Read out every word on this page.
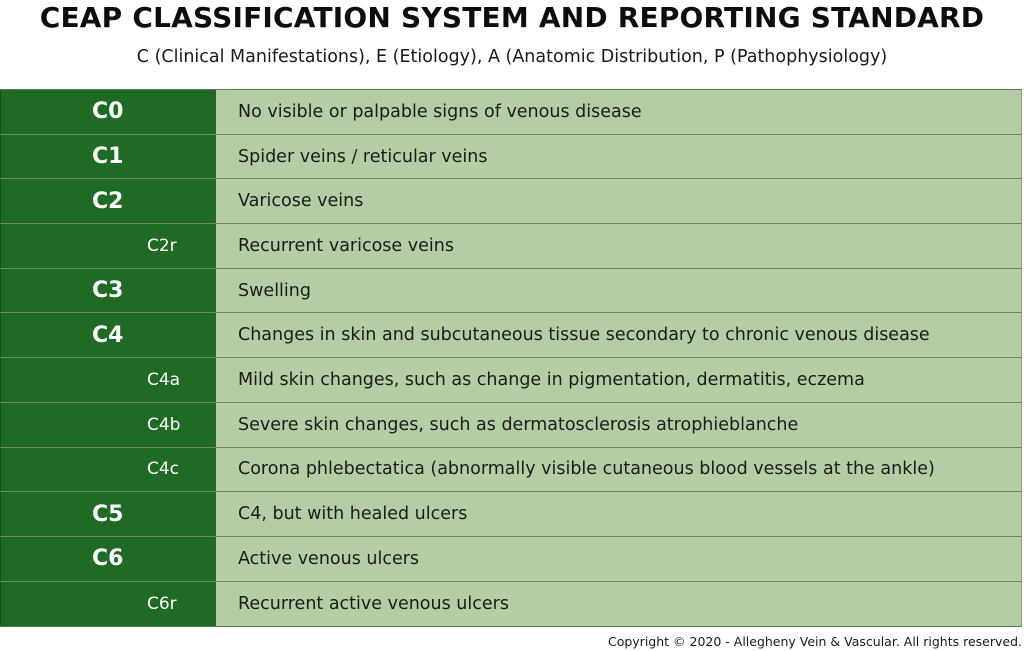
CEAP CLASSIFICATION SYSTEM AND REPORTING STANDARD
C (Clinical Manifestations), E (Etiology), A (Anatomic Distribution, P (Pathophysiology)
C0	No visible or palpable signs of venous disease
C1	Spider veins / reticular veins
C2	Varicose veins
C2r	Recurrent varicose veins
C3	Swelling
C4	Changes in skin and subcutaneous tissue secondary to chronic venous disease
C4a	Mild skin changes, such as change in pigmentation, dermatitis, eczema
C4b	Severe skin changes, such as dermatosclerosis atrophieblanche
C4c	Corona phlebectatica (abnormally visible cutaneous blood vessels at the ankle)
C5	C4, but with healed ulcers
C6	Active venous ulcers
C6r	Recurrent active venous ulcers
Copyright © 2020 - Allegheny Vein & Vascular. All rights reserved.
